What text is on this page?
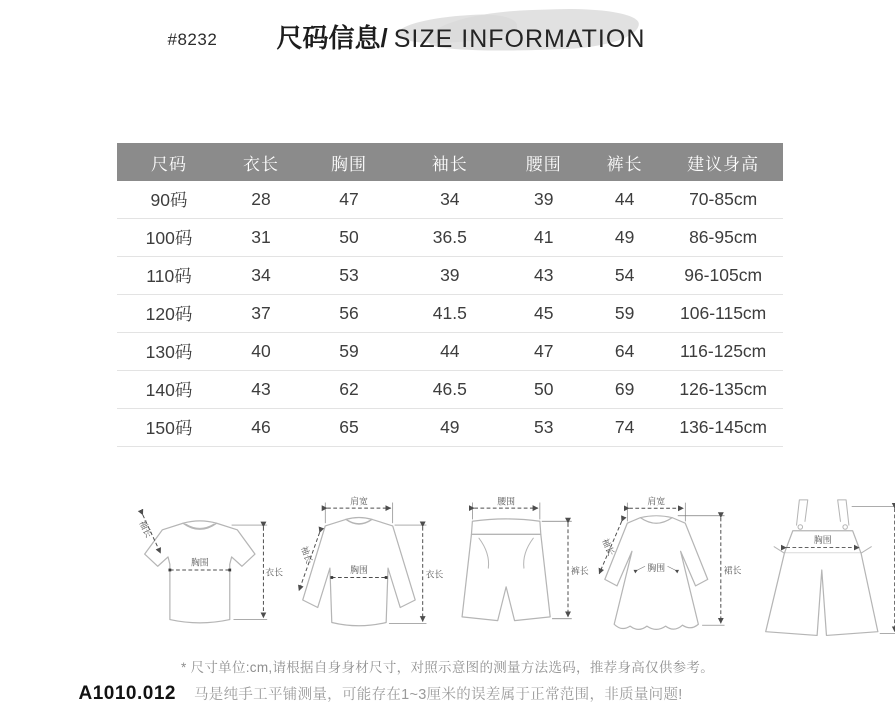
#8232 尺码信息/ SIZE INFORMATION
尺码	衣长	胸围	袖长	腰围	裤长	建议身高
90码	28	47	34	39	44	70-85cm
100码	31	50	36.5	41	49	86-95cm
110码	34	53	39	43	54	96-105cm
120码	37	56	41.5	45	59	106-115cm
130码	40	59	44	47	64	116-125cm
140码	43	62	46.5	50	69	126-135cm
150码	46	65	49	53	74	136-145cm
袖长
胸围
衣长
肩宽
袖长
胸围	衣长
腰围
裤长
肩宽
袖长
胸围	裙长
胸围
* 尺寸单位:cm,请根据自身身材尺寸，对照示意图的测量方法选码，推荐身高仅供参考。
A1010.012 马是纯手工平铺测量，可能存在1~3厘米的误差属于正常范围，非质量问题!
